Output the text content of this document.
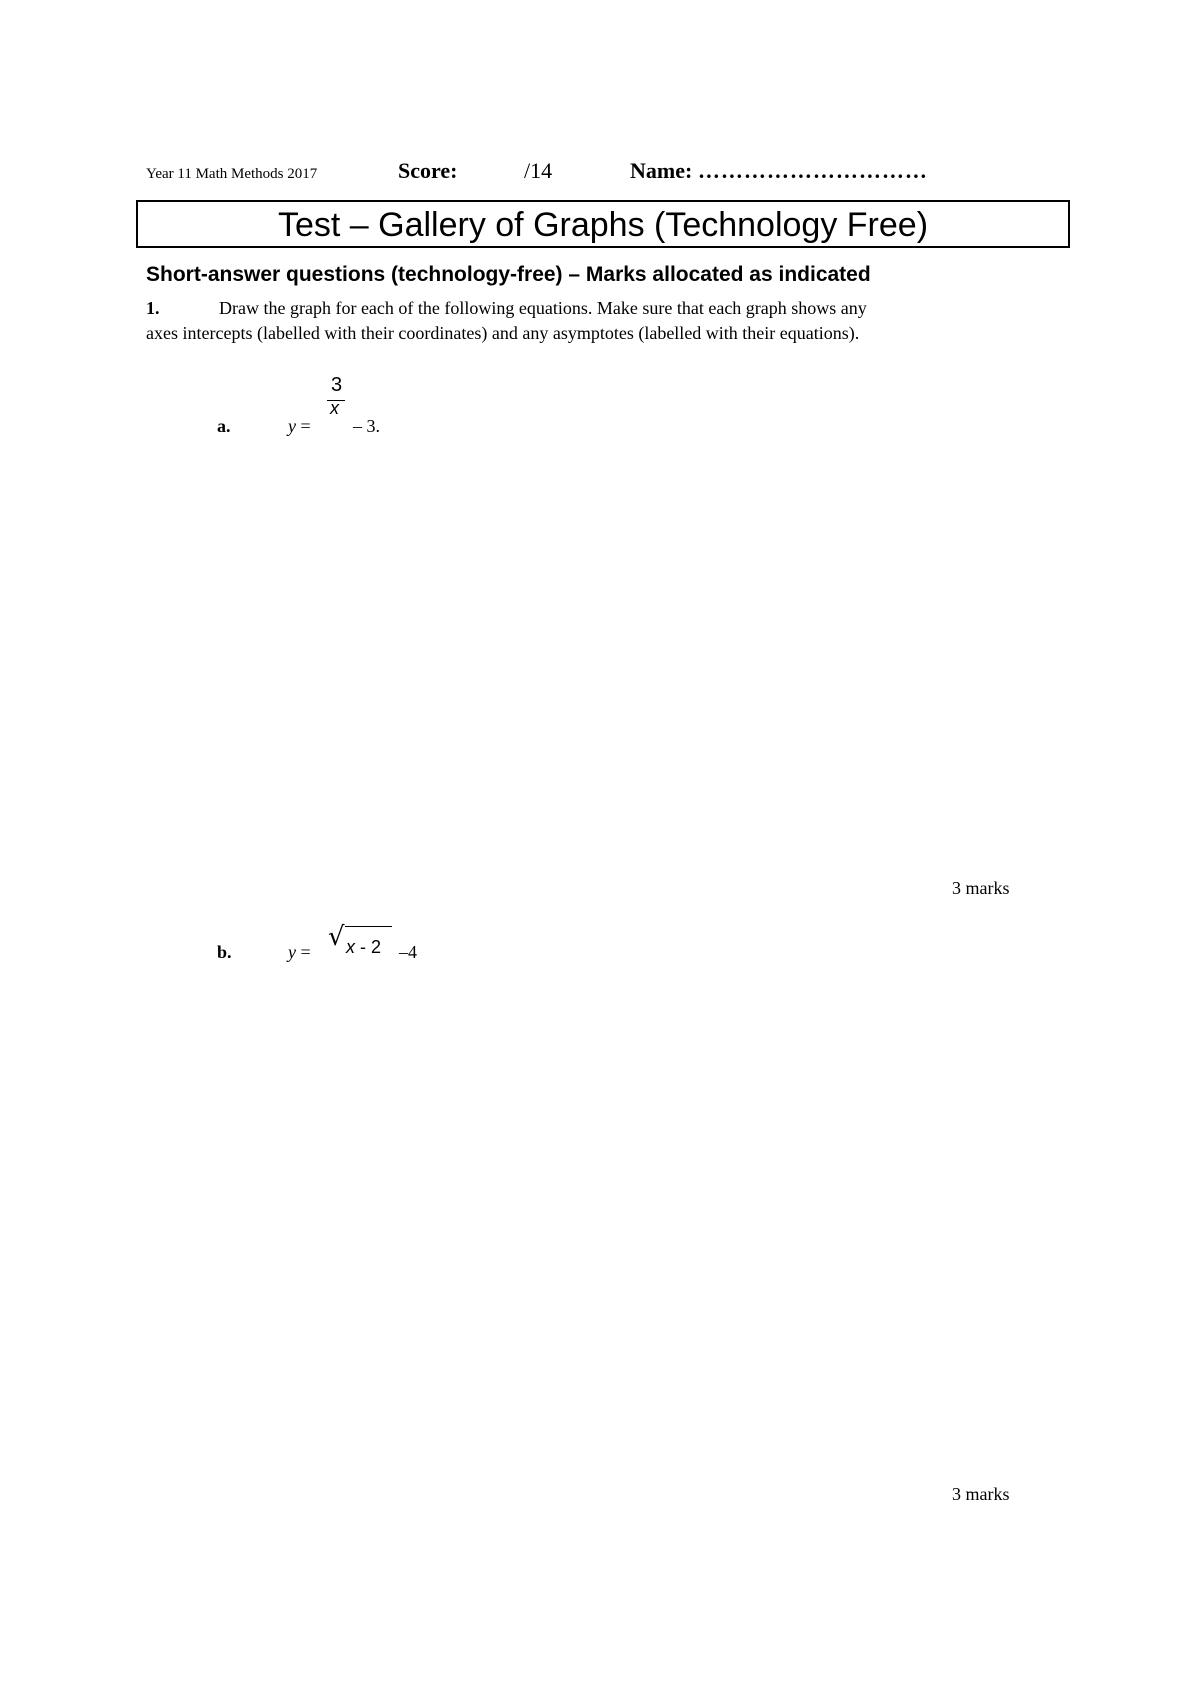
Year 11 Math Methods 2017	Score:	/14	Name: …………………………
Test – Gallery of Graphs (Technology Free)
Short-answer questions (technology-free) – Marks allocated as indicated
1.	Draw the graph for each of the following equations. Make sure that each graph shows any
axes intercepts (labelled with their coordinates) and any asymptotes (labelled with their equations).
a.	y =
3
x
– 3.
3 marks
b.	y = √ x - 2 –4
3 marks
